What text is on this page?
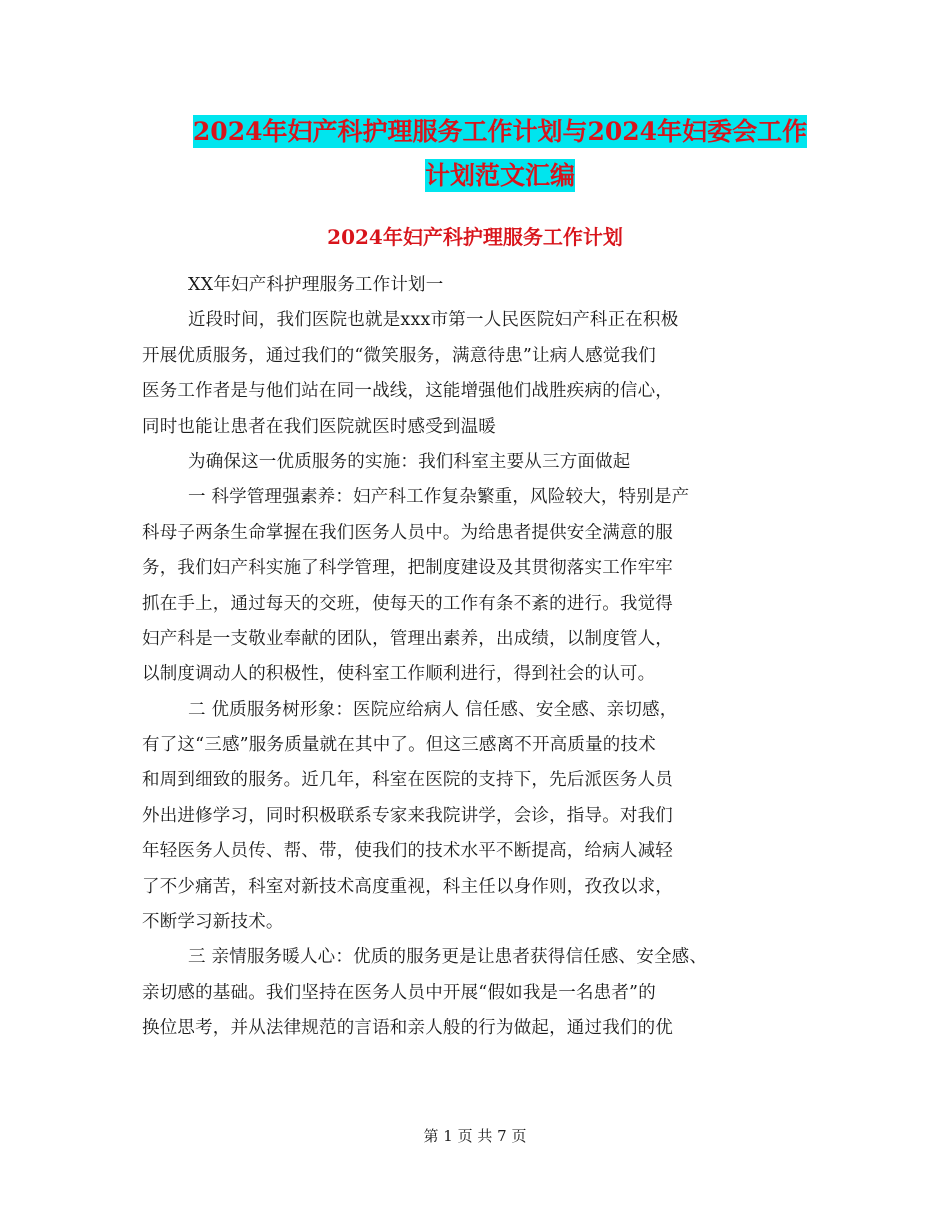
2024年妇产科护理服务工作计划与2024年妇委会工作
计划范文汇编
2024年妇产科护理服务工作计划
XX年妇产科护理服务工作计划一
近段时间，我们医院也就是xxx市第一人民医院妇产科正在积极
开展优质服务，通过我们的“微笑服务，满意待患”让病人感觉我们
医务工作者是与他们站在同一战线，这能增强他们战胜疾病的信心，
同时也能让患者在我们医院就医时感受到温暖
为确保这一优质服务的实施：我们科室主要从三方面做起
一 科学管理强素养：妇产科工作复杂繁重，风险较大，特别是产
科母子两条生命掌握在我们医务人员中。为给患者提供安全满意的服
务，我们妇产科实施了科学管理，把制度建设及其贯彻落实工作牢牢
抓在手上，通过每天的交班，使每天的工作有条不紊的进行。我觉得
妇产科是一支敬业奉献的团队，管理出素养，出成绩，以制度管人，
以制度调动人的积极性，使科室工作顺利进行，得到社会的认可。
二 优质服务树形象：医院应给病人 信任感、安全感、亲切感，
有了这“三感”服务质量就在其中了。但这三感离不开高质量的技术
和周到细致的服务。近几年，科室在医院的支持下，先后派医务人员
外出进修学习，同时积极联系专家来我院讲学，会诊，指导。对我们
年轻医务人员传、帮、带，使我们的技术水平不断提高，给病人减轻
了不少痛苦，科室对新技术高度重视，科主任以身作则，孜孜以求，
不断学习新技术。
三 亲情服务暖人心：优质的服务更是让患者获得信任感、安全感、
亲切感的基础。我们坚持在医务人员中开展“假如我是一名患者”的
换位思考，并从法律规范的言语和亲人般的行为做起，通过我们的优
第 1 页 共 7 页
